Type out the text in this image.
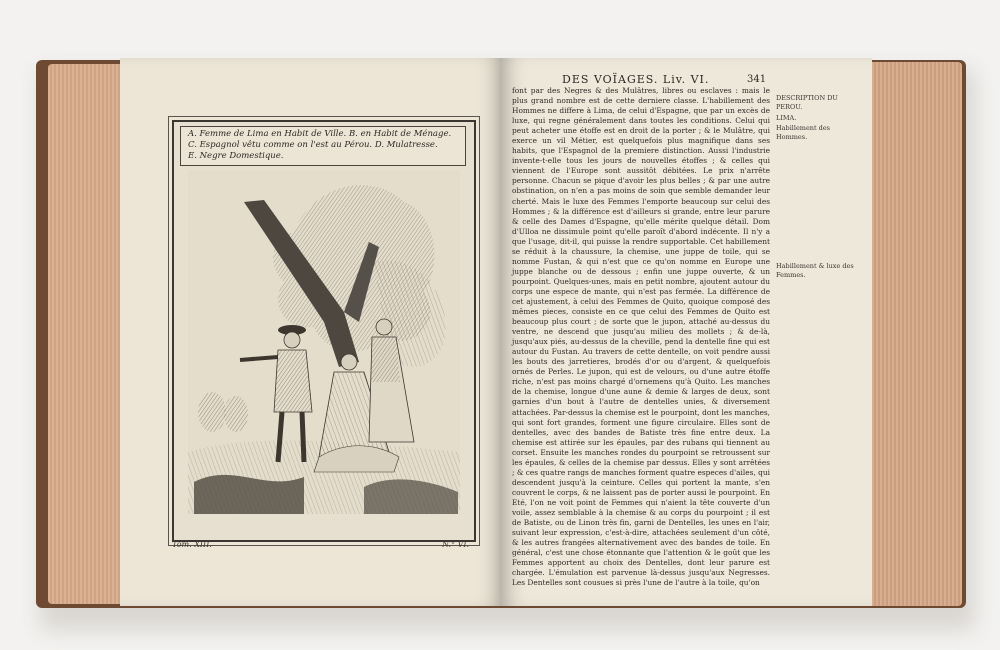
A. Femme de Lima en Habit de Ville. B. en Habit de Ménage.
C. Espagnol vêtu comme on l'est au Pérou. D. Mulatresse.
E. Negre Domestique.
Tom. XIII.	N.° VI.
DES VOÏAGES. Liv. VI.	341
DESCRIPTION DU PEROU.
LIMA.
Habillement des Hommes.
Habillement & luxe des Femmes.

font par des Negres & des Mulâtres, libres ou esclaves : mais le plus grand nombre est de cette derniere classe. L'habillement des Hommes ne differe à Lima, de celui d'Espagne, que par un excès de luxe, qui regne généralement dans toutes les conditions. Celui qui peut acheter une étoffe est en droit de la porter ; & le Mulâtre, qui exerce un vil Métier, est quelquefois plus magnifique dans ses habits, que l'Espagnol de la premiere distinction. Aussi l'industrie invente-t-elle tous les jours de nouvelles étoffes ; & celles qui viennent de l'Europe sont aussitôt débitées. Le prix n'arrête personne. Chacun se pique d'avoir les plus belles ; & par une autre obstination, on n'en a pas moins de soin que semble demander leur cherté. Mais le luxe des Femmes l'emporte beaucoup sur celui des Hommes ; & la différence est d'ailleurs si grande, entre leur parure & celle des Dames d'Espagne, qu'elle mérite quelque détail. Dom d'Ulloa ne dissimule point qu'elle paroît d'abord indécente. Il n'y a que l'usage, dit-il, qui puisse la rendre supportable. Cet habillement se réduit à la chaussure, la chemise, une juppe de toile, qui se nomme Fustan, & qui n'est que ce qu'on nomme en Europe une juppe blanche ou de dessous ; enfin une juppe ouverte, & un pourpoint. Quelques-unes, mais en petit nombre, ajoutent autour du corps une espece de mante, qui n'est pas fermée. La différence de cet ajustement, à celui des Femmes de Quito, quoique composé des mêmes pieces, consiste en ce que celui des Femmes de Quito est beaucoup plus court ; de sorte que le jupon, attaché au-dessus du ventre, ne descend que jusqu'au milieu des mollets ; & de-là, jusqu'aux piés, au-dessus de la cheville, pend la dentelle fine qui est autour du Fustan. Au travers de cette dentelle, on voit pendre aussi les bouts des jarretieres, brodés d'or ou d'argent, & quelquefois ornés de Perles. Le jupon, qui est de velours, ou d'une autre étoffe riche, n'est pas moins chargé d'ornemens qu'à Quito. Les manches de la chemise, longue d'une aune & demie & larges de deux, sont garnies d'un bout à l'autre de dentelles unies, & diversement attachées. Par-dessus la chemise est le pourpoint, dont les manches, qui sont fort grandes, forment une figure circulaire. Elles sont de dentelles, avec des bandes de Batiste très fine entre deux. La chemise est attirée sur les épaules, par des rubans qui tiennent au corset. Ensuite les manches rondes du pourpoint se retroussent sur les épaules, & celles de la chemise par dessus. Elles y sont arrêtées ; & ces quatre rangs de manches forment quatre especes d'ailes, qui descendent jusqu'à la ceinture. Celles qui portent la mante, s'en couvrent le corps, & ne laissent pas de porter aussi le pourpoint. En Eté, l'on ne voit point de Femmes qui n'aient la tête couverte d'un voile, assez semblable à la chemise & au corps du pourpoint ; il est de Batiste, ou de Linon très fin, garni de Dentelles, les unes en l'air, suivant leur expression, c'est-à-dire, attachées seulement d'un côté, & les autres frangées alternativement avec des bandes de toile. En général, c'est une chose étonnante que l'attention & le goût que les Femmes apportent au choix des Dentelles, dont leur parure est chargée. L'émulation est parvenue là-dessus jusqu'aux Negresses. Les Dentelles sont cousues si près l'une de l'autre à la toile, qu'on
